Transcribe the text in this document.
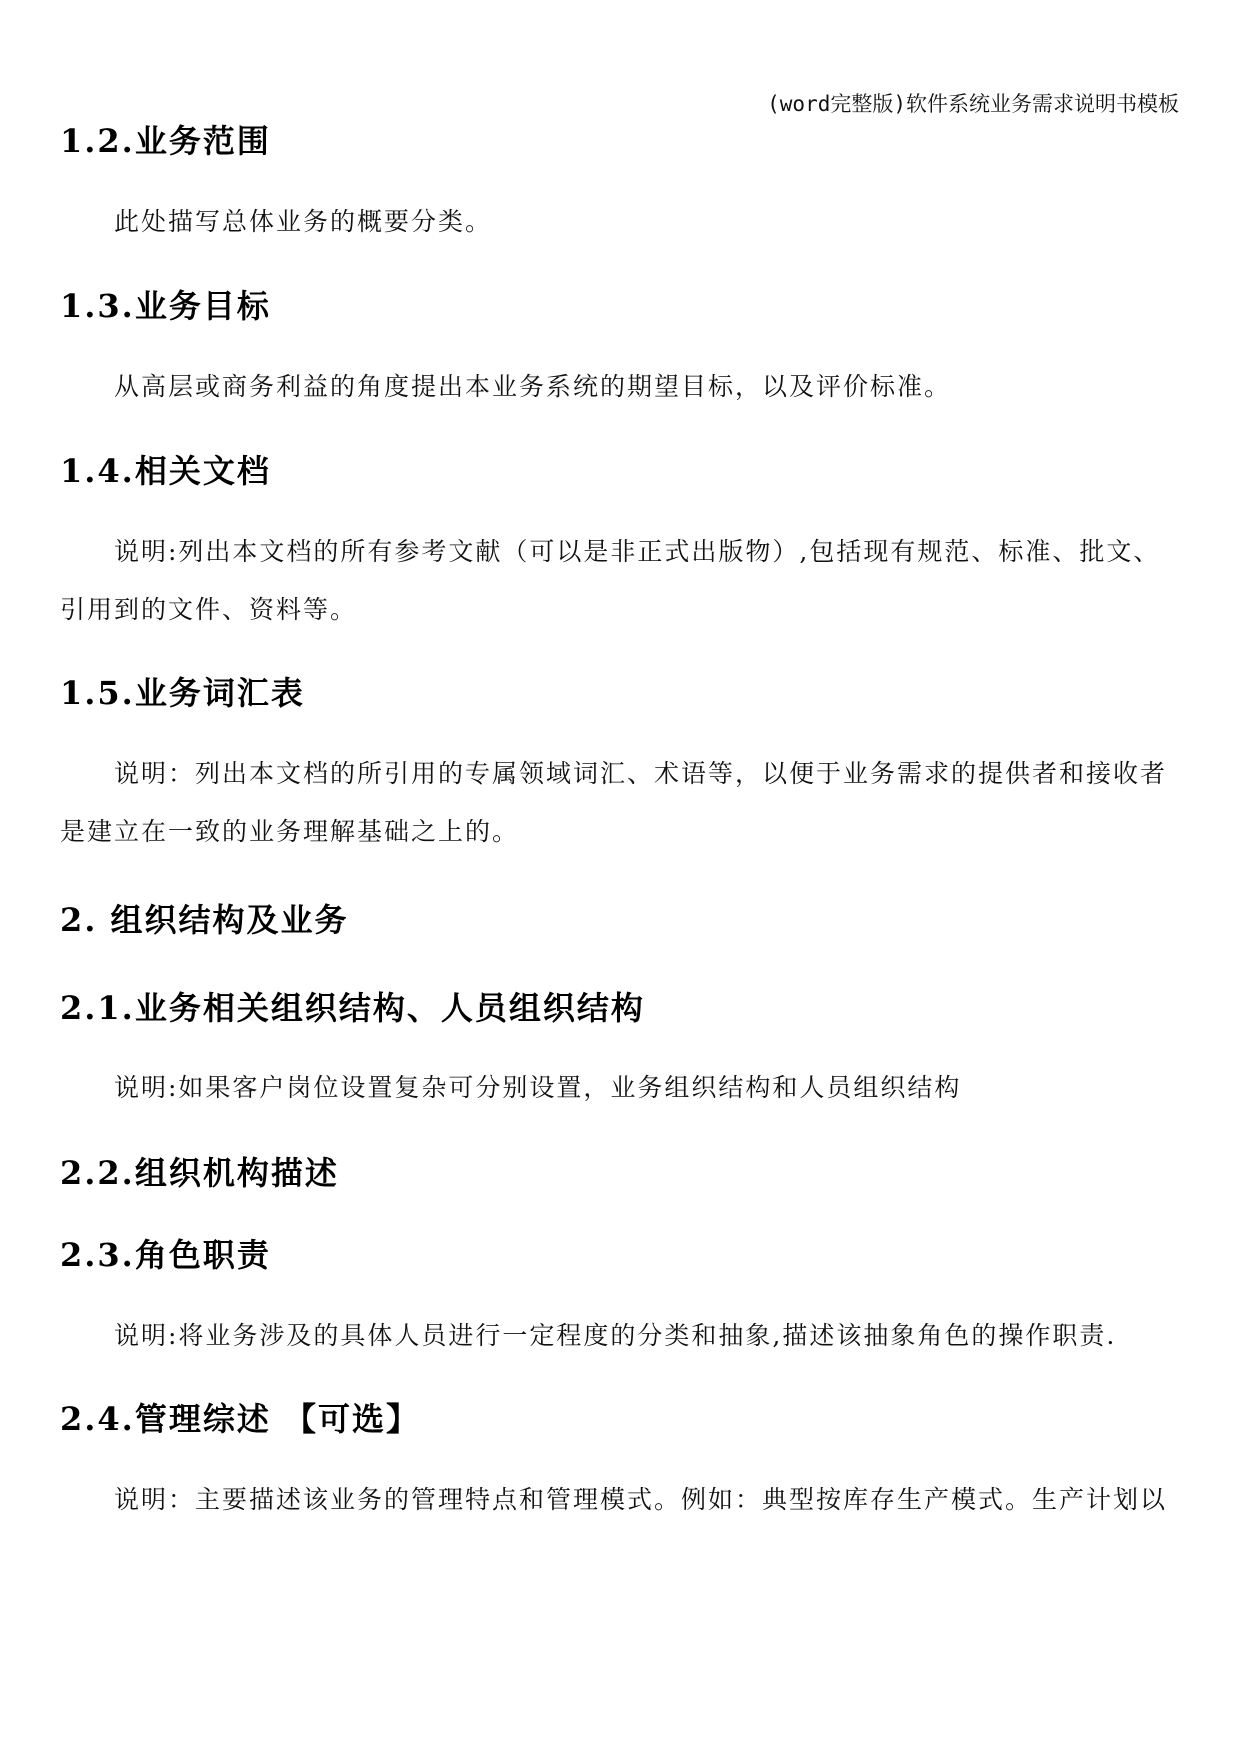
(word完整版)软件系统业务需求说明书模板
1.2.业务范围
此处描写总体业务的概要分类。
1.3.业务目标
从高层或商务利益的角度提出本业务系统的期望目标，以及评价标准。
1.4.相关文档
说明:列出本文档的所有参考文献（可以是非正式出版物）,包括现有规范、标准、批文、
引用到的文件、资料等。
1.5.业务词汇表
说明：列出本文档的所引用的专属领域词汇、术语等，以便于业务需求的提供者和接收者
是建立在一致的业务理解基础之上的。
2. 组织结构及业务
2.1.业务相关组织结构、人员组织结构
说明:如果客户岗位设置复杂可分别设置，业务组织结构和人员组织结构
2.2.组织机构描述
2.3.角色职责
说明:将业务涉及的具体人员进行一定程度的分类和抽象,描述该抽象角色的操作职责.
2.4.管理综述 【可选】
说明：主要描述该业务的管理特点和管理模式。例如：典型按库存生产模式。生产计划以
